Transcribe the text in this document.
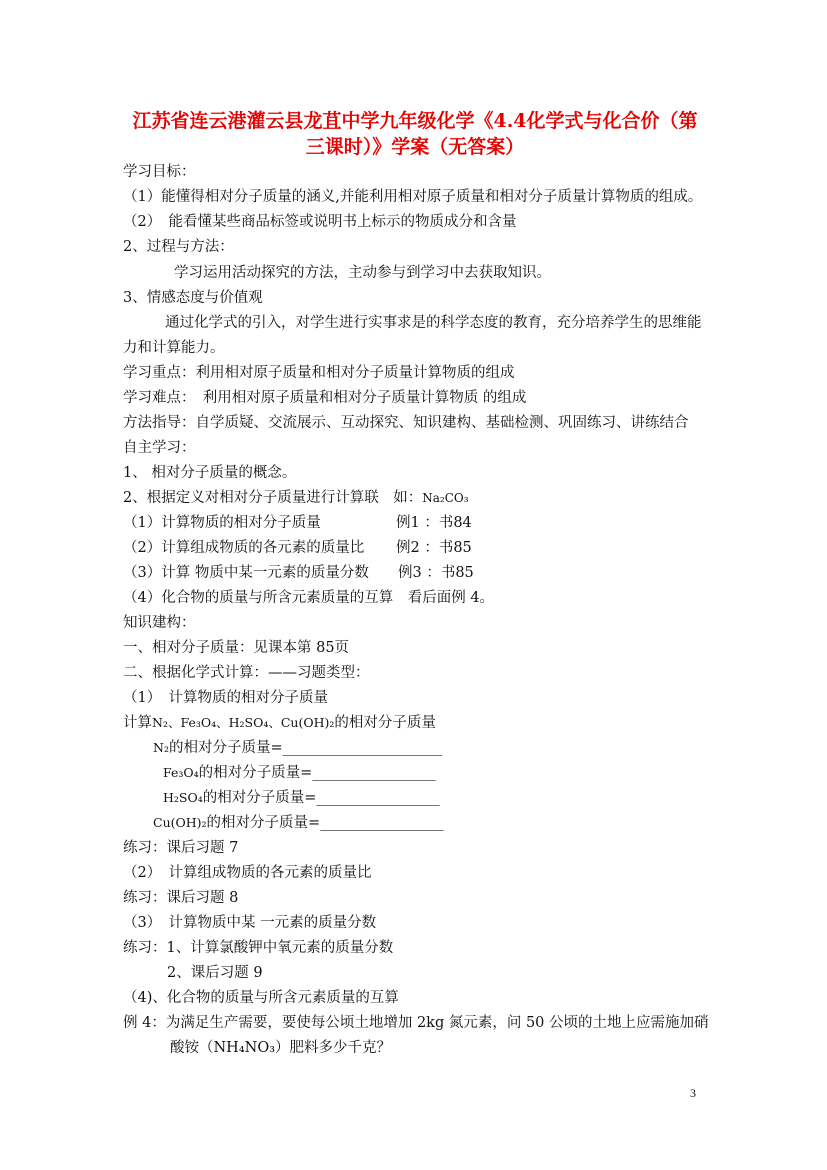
江苏省连云港灌云县龙苴中学九年级化学《4.4化学式与化合价（第
三课时）》学案（无答案）
学习目标：
（1）能懂得相对分子质量的涵义,并能利用相对原子质量和相对分子质量计算物质的组成。
（2）　能看懂某些商品标签或说明书上标示的物质成分和含量
2、过程与方法：
学习运用活动探究的方法，主动参与到学习中去获取知识。
3、情感态度与价值观
通过化学式的引入，对学生进行实事求是的科学态度的教育，充分培养学生的思维能
力和计算能力。
学习重点：利用相对原子质量和相对分子质量计算物质的组成
学习难点：　利用相对原子质量和相对分子质量计算物质 的组成
方法指导：自学质疑、交流展示、互动探究、知识建构、基础检测、巩固练习、讲练结合
自主学习：
1、 相对分子质量的概念。
2、根据定义对相对分子质量进行计算联　如：Na₂CO₃
（1）计算物质的相对分子质量	例1 ：书84
（2）计算组成物质的各元素的质量比 例2 ：书85
（3）计算 物质中某一元素的质量分数 例3 ：书85
（4）化合物的质量与所含元素质量的互算　看后面例 4。
知识建构：
一、相对分子质量：见课本第 85页
二、根据化学式计算：——习题类型：
（1）　计算物质的相对分子质量
计算N₂、Fe₃O₄、H₂SO₄、Cu(OH)₂的相对分子质量
N₂的相对分子质量=______________________
Fe₃O₄的相对分子质量=_________________
H₂SO₄的相对分子质量=_________________
Cu(OH)₂的相对分子质量=_________________
练习：课后习题 7
（2）　计算组成物质的各元素的质量比
练习：课后习题 8
（3）　计算物质中某 一元素的质量分数
练习：1、计算氯酸钾中氧元素的质量分数
2、课后习题 9
（4)、化合物的质量与所含元素质量的互算
例 4：为满足生产需要，要使每公顷土地增加 2kg 氮元素，问 50 公顷的土地上应需施加硝
酸铵（NH₄NO₃）肥料多少千克？
3
